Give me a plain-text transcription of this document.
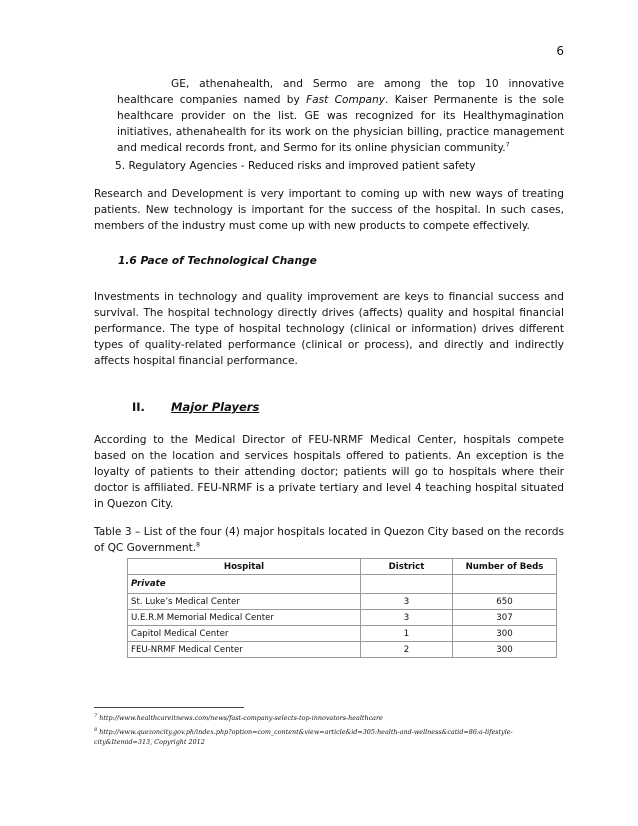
6

GE, athenahealth, and Sermo are among the top 10 innovative healthcare companies named by Fast Company. Kaiser Permanente is the sole healthcare provider on the list. GE was recognized for its Healthymagination initiatives, athenahealth for its work on the physician billing, practice management and medical records front, and Sermo for its online physician community.$^7$

5. Regulatory Agencies - Reduced risks and improved patient safety

Research and Development is very important to coming up with new ways of treating patients. New technology is important for the success of the hospital. In such cases, members of the industry must come up with new products to compete effectively.

1.6 Pace of Technological Change

Investments in technology and quality improvement are keys to financial success and survival. The hospital technology directly drives (affects) quality and hospital financial performance. The type of hospital technology (clinical or information) drives different types of quality-related performance (clinical or process), and directly and indirectly affects hospital financial performance.

II. Major Players

According to the Medical Director of FEU-NRMF Medical Center, hospitals compete based on the location and services hospitals offered to patients. An exception is the loyalty of patients to their attending doctor; patients will go to hospitals where their doctor is affiliated. FEU-NRMF is a private tertiary and level 4 teaching hospital situated in Quezon City.

Table 3 – List of the four (4) major hospitals located in Quezon City based on the records of QC Government.$^8$

Hospital	District	Number of Beds
Private		
St. Luke’s Medical Center	3	650
U.E.R.M Memorial Medical Center	3	307
Capitol Medical Center	1	300
FEU-NRMF Medical Center	2	300

$^7$ http://www.healthcareitnews.com/news/fast-company-selects-top-innovators-healthcare

$^8$ http://www.quezoncity.gov.ph/index.php?option=com_content&view=article&id=305:health-and-wellness&catid=86:a-lifestyle-city&Itemid=313, Copyright 2012
